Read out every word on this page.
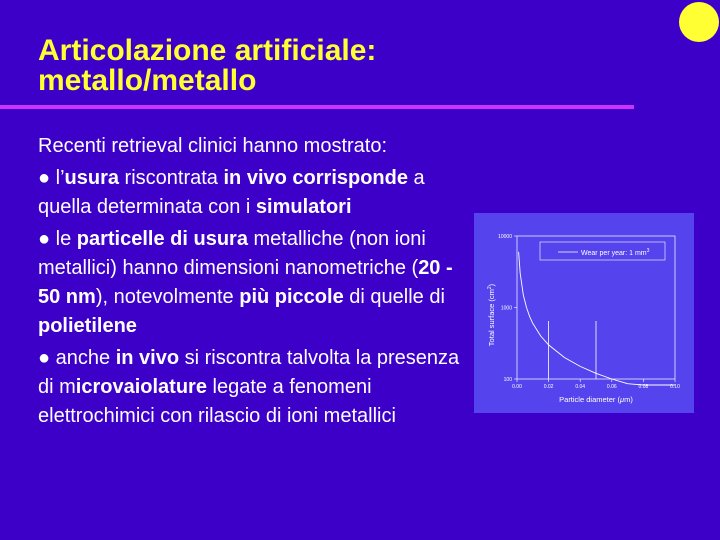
Articolazione artificiale:
metallo/metallo

Recenti retrieval clinici hanno mostrato:

● l’usura riscontrata in vivo corrisponde a quella determinata con i simulatori

● le particelle di usura metalliche (non ioni metallici) hanno dimensioni nanometriche (20 - 50 nm), notevolmente più piccole di quelle di polietilene

● anche in vivo si riscontra talvolta la presenza di microvaiolature legate a fenomeni elettrochimici con rilascio di ioni metallici

100
1000
10000
0.00	0.02	0.04	0.06	0.08	0.10
Wear per year: 1 $mm^3$
Particle diameter (μm)
Total surface $(cm^2)$
